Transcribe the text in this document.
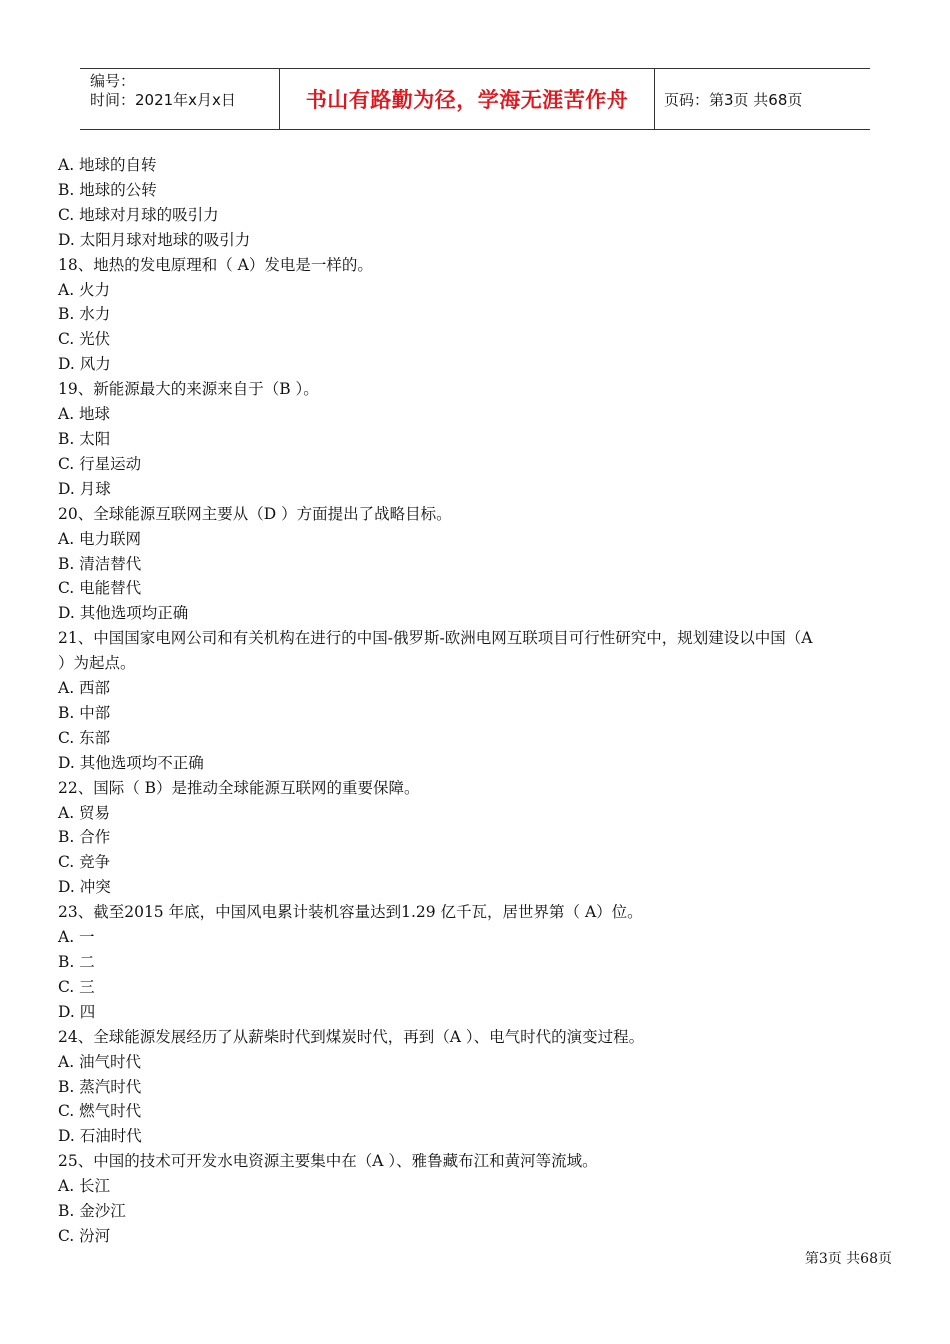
编号：
时间：2021年x月x日	书山有路勤为径，学海无涯苦作舟	页码：第3页 共68页
A. 地球的自转
B. 地球的公转
C. 地球对月球的吸引力
D. 太阳月球对地球的吸引力
18、地热的发电原理和（ A）发电是一样的。
A. 火力
B. 水力
C. 光伏
D. 风力
19、新能源最大的来源来自于（B ）。
A. 地球
B. 太阳
C. 行星运动
D. 月球
20、全球能源互联网主要从（D ）方面提出了战略目标。
A. 电力联网
B. 清洁替代
C. 电能替代
D. 其他选项均正确
21、中国国家电网公司和有关机构在进行的中国-俄罗斯-欧洲电网互联项目可行性研究中，规划建设以中国（A
）为起点。
A. 西部
B. 中部
C. 东部
D. 其他选项均不正确
22、国际（ B）是推动全球能源互联网的重要保障。
A. 贸易
B. 合作
C. 竞争
D. 冲突
23、截至2015 年底，中国风电累计装机容量达到1.29 亿千瓦，居世界第（ A）位。
A. 一
B. 二
C. 三
D. 四
24、全球能源发展经历了从薪柴时代到煤炭时代，再到（A ）、电气时代的演变过程。
A. 油气时代
B. 蒸汽时代
C. 燃气时代
D. 石油时代
25、中国的技术可开发水电资源主要集中在（A ）、雅鲁藏布江和黄河等流域。
A. 长江
B. 金沙江
C. 汾河
第3页 共68页
